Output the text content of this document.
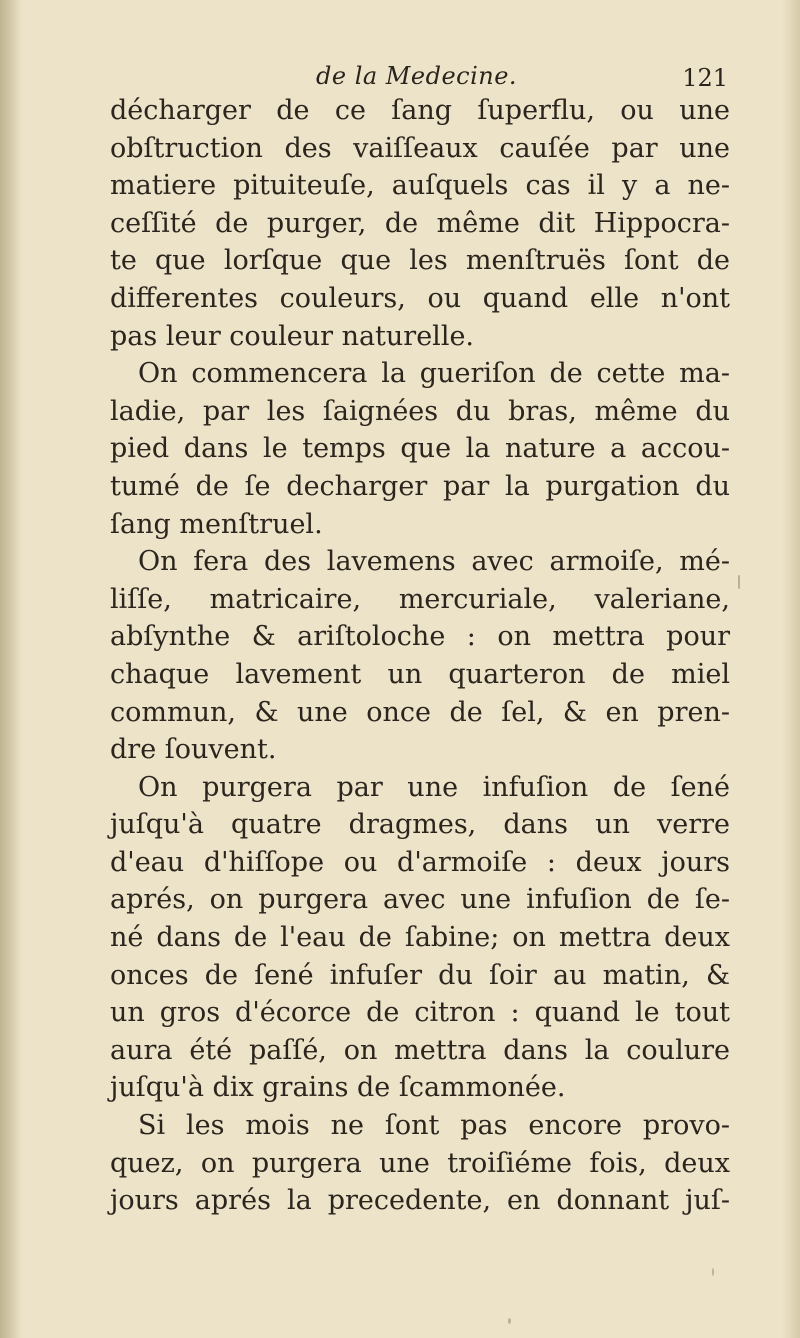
de la Medecine.	121
décharger de ce ſang ſuperflu, ou une
obſtruction des vaiſſeaux cauſée par une
matiere pituiteuſe, auſquels cas il y a ne-
ceſſité de purger, de même dit Hippocra-
te que lorſque que les menſtruës ſont de
differentes couleurs, ou quand elle n'ont
pas leur couleur naturelle.
On commencera la gueriſon de cette ma-
ladie, par les ſaignées du bras, même du
pied dans le temps que la nature a accou-
tumé de ſe decharger par la purgation du
ſang menſtruel.
On fera des lavemens avec armoiſe, mé-
liſſe, matricaire, mercuriale, valeriane,
abſynthe & ariſtoloche : on mettra pour
chaque lavement un quarteron de miel
commun, & une once de ſel, & en pren-
dre ſouvent.
On purgera par une infuſion de ſené
juſqu'à quatre dragmes, dans un verre
d'eau d'hiſſope ou d'armoiſe : deux jours
aprés, on purgera avec une infuſion de ſe-
né dans de l'eau de ſabine; on mettra deux
onces de ſené infuſer du ſoir au matin, &
un gros d'écorce de citron : quand le tout
aura été paſſé, on mettra dans la coulure
juſqu'à dix grains de ſcammonée.
Si les mois ne ſont pas encore provo-
quez, on purgera une troiſiéme fois, deux
jours aprés la precedente, en donnant juſ-
